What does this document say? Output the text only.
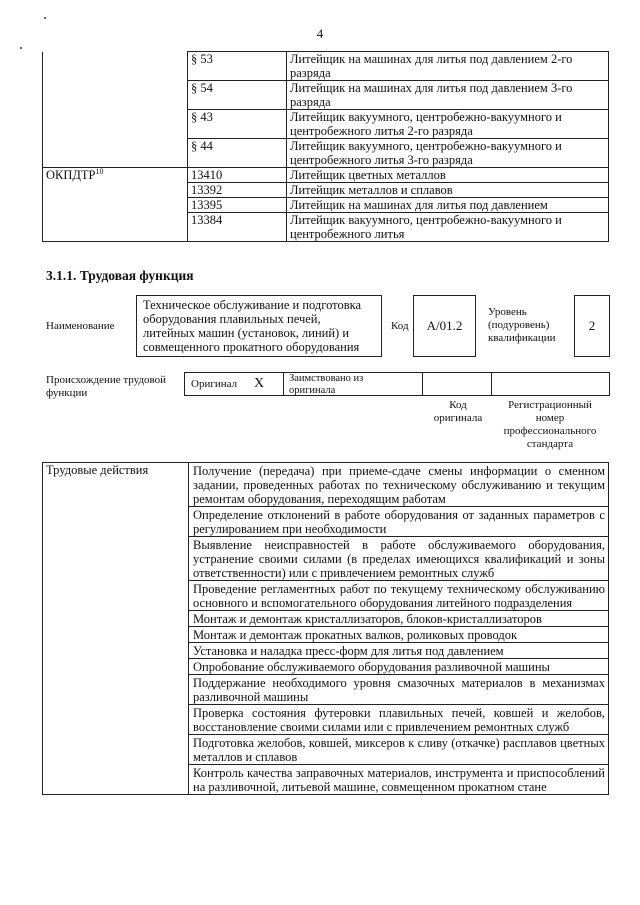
4
	§ 53	Литейщик на машинах для литья под давлением 2-го разряда
	§ 54	Литейщик на машинах для литья под давлением 3-го разряда
	§ 43	Литейщик вакуумного, центробежно-вакуумного и центробежного литья 2-го разряда
	§ 44	Литейщик вакуумного, центробежно-вакуумного и центробежного литья 3-го разряда
ОКПДТР$^{10}$	13410	Литейщик цветных металлов
	13392	Литейщик металлов и сплавов
	13395	Литейщик на машинах для литья под давлением
	13384	Литейщик вакуумного, центробежно-вакуумного и центробежного литья
3.1.1. Трудовая функция
Наименование
Техническое обслуживание и подготовка оборудования плавильных печей, литейных машин (установок, линий) и совмещенного прокатного оборудования
Код A/01.2
Уровень (подуровень) квалификации
2
Происхождение трудовой функции
Оригинал X Заимствовано из оригинала
Код оригинала
Регистрационный номер профессионального стандарта
Трудовые действия	Получение (передача) при приеме-сдаче смены информации о сменном задании, проведенных работах по техническому обслуживанию и текущим ремонтам оборудования, переходящим работам
Определение отклонений в работе оборудования от заданных параметров с регулированием при необходимости
Выявление неисправностей в работе обслуживаемого оборудования, устранение своими силами (в пределах имеющихся квалификаций и зоны ответственности) или с привлечением ремонтных служб
Проведение регламентных работ по текущему техническому обслуживанию основного и вспомогательного оборудования литейного подразделения
Монтаж и демонтаж кристаллизаторов, блоков-кристаллизаторов
Монтаж и демонтаж прокатных валков, роликовых проводок
Установка и наладка пресс-форм для литья под давлением
Опробование обслуживаемого оборудования разливочной машины
Поддержание необходимого уровня смазочных материалов в механизмах разливочной машины
Проверка состояния футеровки плавильных печей, ковшей и желобов, восстановление своими силами или с привлечением ремонтных служб
Подготовка желобов, ковшей, миксеров к сливу (откачке) расплавов цветных металлов и сплавов
Контроль качества заправочных материалов, инструмента и приспособлений на разливочной, литьевой машине, совмещенном прокатном стане
